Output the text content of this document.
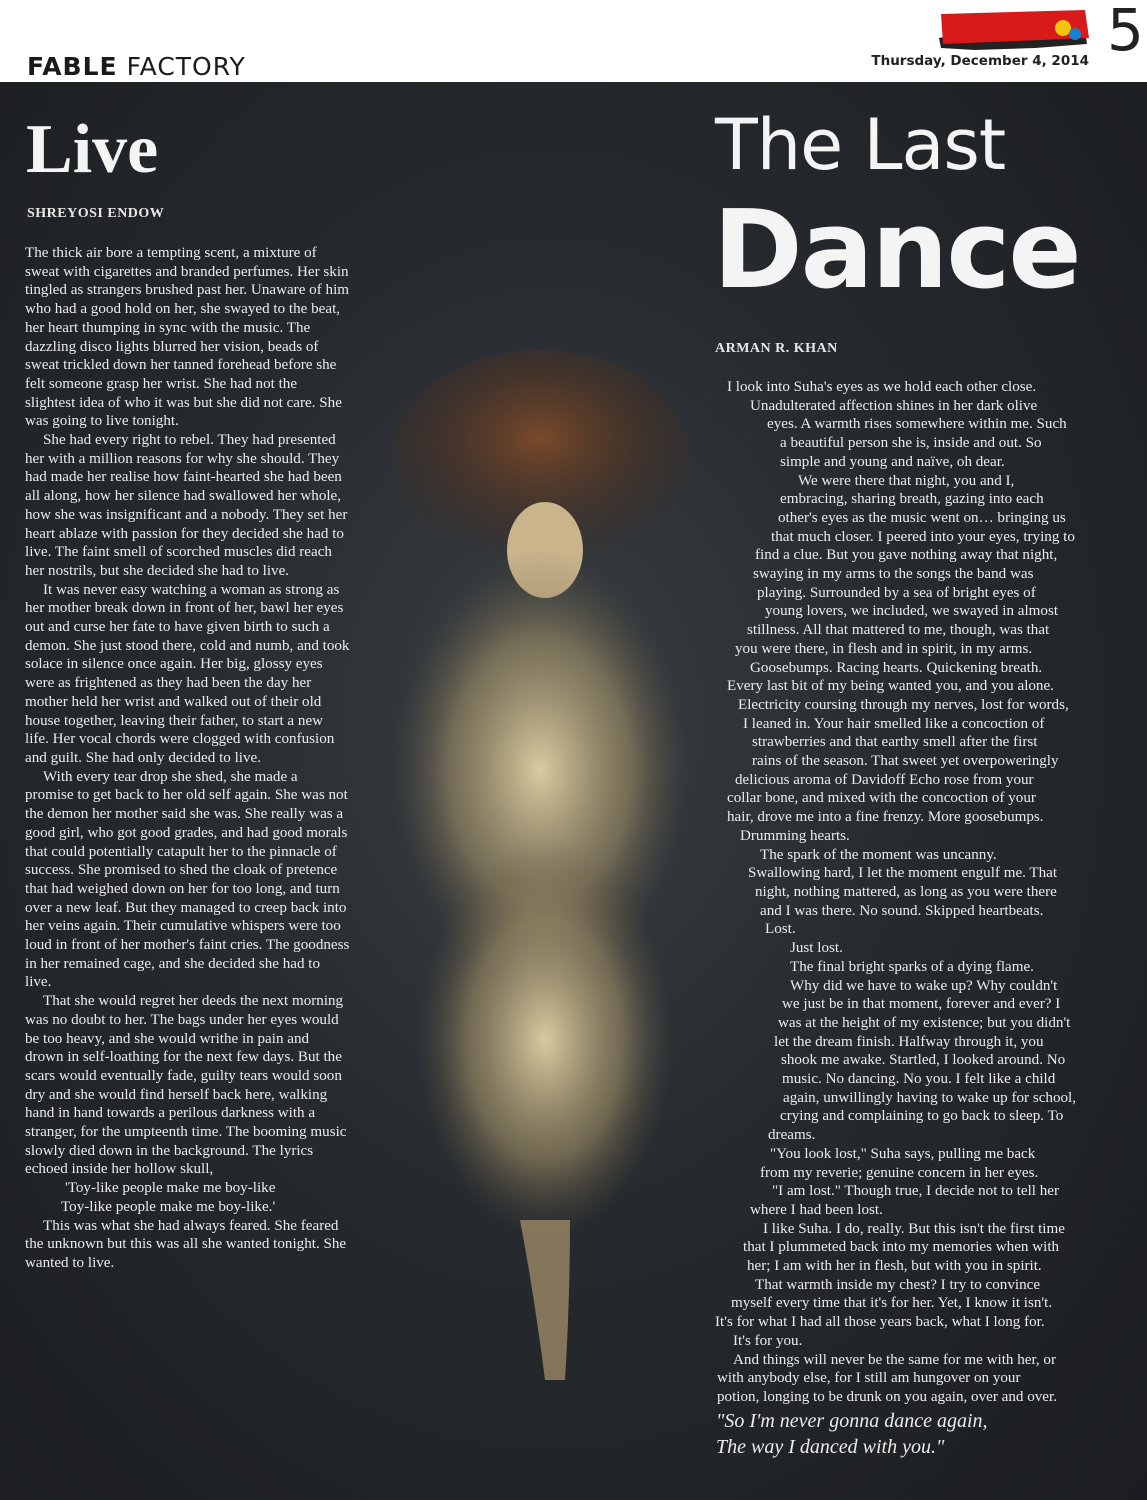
FABLE FACTORY
5
Thursday, December 4, 2014
Live
SHREYOSI ENDOW

The thick air bore a tempting scent, a mixture of sweat with cigarettes and branded perfumes. Her skin tingled as strangers brushed past her. Unaware of him who had a good hold on her, she swayed to the beat, her heart thumping in sync with the music. The dazzling disco lights blurred her vision, beads of sweat trickled down her tanned forehead before she felt someone grasp her wrist. She had not the slightest idea of who it was but she did not care. She was going to live tonight.

She had every right to rebel. They had presented her with a million reasons for why she should. They had made her realise how faint-hearted she had been all along, how her silence had swallowed her whole, how she was insignificant and a nobody. They set her heart ablaze with passion for they decided she had to live. The faint smell of scorched muscles did reach her nostrils, but she decided she had to live.

It was never easy watching a woman as strong as her mother break down in front of her, bawl her eyes out and curse her fate to have given birth to such a demon. She just stood there, cold and numb, and took solace in silence once again. Her big, glossy eyes were as frightened as they had been the day her mother held her wrist and walked out of their old house together, leaving their father, to start a new life. Her vocal chords were clogged with confusion and guilt. She had only decided to live.

With every tear drop she shed, she made a promise to get back to her old self again. She was not the demon her mother said she was. She really was a good girl, who got good grades, and had good morals that could potentially catapult her to the pinnacle of success. She promised to shed the cloak of pretence that had weighed down on her for too long, and turn over a new leaf. But they managed to creep back into her veins again. Their cumulative whispers were too loud in front of her mother's faint cries. The goodness in her remained cage, and she decided she had to live.

That she would regret her deeds the next morning was no doubt to her. The bags under her eyes would be too heavy, and she would writhe in pain and drown in self-loathing for the next few days. But the scars would eventually fade, guilty tears would soon dry and she would find herself back here, walking hand in hand towards a perilous darkness with a stranger, for the umpteenth time. The booming music slowly died down in the background. The lyrics echoed inside her hollow skull,

'Toy-like people make me boy-like

Toy-like people make me boy-like.'

This was what she had always feared. She feared the unknown but this was all she wanted tonight. She wanted to live.

The Last
Dance
ARMAN R. KHAN

I look into Suha's eyes as we hold each other close.

Unadulterated affection shines in her dark olive

eyes. A warmth rises somewhere within me. Such

a beautiful person she is, inside and out. So

simple and young and naïve, oh dear.

We were there that night, you and I,

embracing, sharing breath, gazing into each

other's eyes as the music went on… bringing us

that much closer. I peered into your eyes, trying to

find a clue. But you gave nothing away that night,

swaying in my arms to the songs the band was

playing. Surrounded by a sea of bright eyes of

young lovers, we included, we swayed in almost

stillness. All that mattered to me, though, was that

you were there, in flesh and in spirit, in my arms.

Goosebumps. Racing hearts. Quickening breath.

Every last bit of my being wanted you, and you alone.

Electricity coursing through my nerves, lost for words,

I leaned in. Your hair smelled like a concoction of

strawberries and that earthy smell after the first

rains of the season. That sweet yet overpoweringly

delicious aroma of Davidoff Echo rose from your

collar bone, and mixed with the concoction of your

hair, drove me into a fine frenzy. More goosebumps.

Drumming hearts.

The spark of the moment was uncanny.

Swallowing hard, I let the moment engulf me. That

night, nothing mattered, as long as you were there

and I was there. No sound. Skipped heartbeats.

Lost.

Just lost.

The final bright sparks of a dying flame.

Why did we have to wake up? Why couldn't

we just be in that moment, forever and ever? I

was at the height of my existence; but you didn't

let the dream finish. Halfway through it, you

shook me awake. Startled, I looked around. No

music. No dancing. No you. I felt like a child

again, unwillingly having to wake up for school,

crying and complaining to go back to sleep. To

dreams.

"You look lost," Suha says, pulling me back

from my reverie; genuine concern in her eyes.

"I am lost." Though true, I decide not to tell her

where I had been lost.

I like Suha. I do, really. But this isn't the first time

that I plummeted back into my memories when with

her; I am with her in flesh, but with you in spirit.

That warmth inside my chest? I try to convince

myself every time that it's for her. Yet, I know it isn't.

It's for what I had all those years back, what I long for.

It's for you.

And things will never be the same for me with her, or

with anybody else, for I still am hungover on your

potion, longing to be drunk on you again, over and over.

"So I'm never gonna dance again,
The way I danced with you."
